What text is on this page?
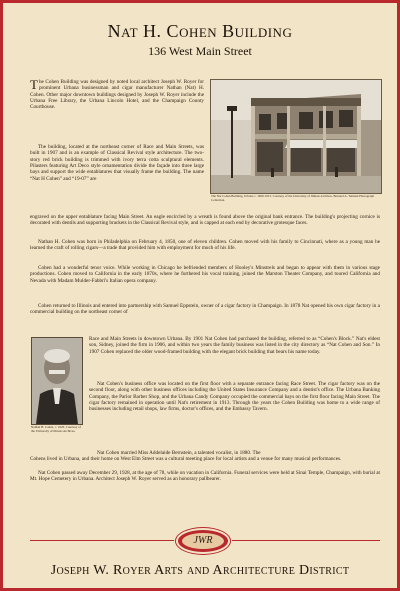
Nat H. Cohen Building
136 West Main Street
The Nat Cohen Building, Urbana c. 1909-1913. Courtesy of the University of Illinois Archives, Bernard A. Tennant Photograph Collection.
Nathan H. Cohen, c. 1920. Courtesy of the University of Illinois Archives.

The Cohen Building was designed by noted local architect Joseph W. Royer for prominent Urbana businessman and cigar manufacturer Nathan (Nat) H. Cohen. Other major downtown buildings designed by Joseph W. Royer include the Urbana Free Library, the Urbana Lincoln Hotel, and the Champaign County Courthouse.

The building, located at the northeast corner of Race and Main Streets, was built in 1907 and is an example of Classical Revival style architecture. The two-story red brick building is trimmed with ivory terra cotta sculptural elements. Pilasters featuring Art Deco style ornamentation divide the façade into three large bays and support the wide entablatures that visually frame the building. The name “Nat H Cohen” and “19-07” are

engraved on the upper entablature facing Main Street. An eagle encircled by a wreath is found above the original bank entrance. The building's projecting cornice is decorated with dentils and supporting brackets in the Classical Revival style, and is capped at each end by decorative grotesque faces.

Nathan H. Cohen was born in Philadelphia on February 4, 1850, one of eleven children. Cohen moved with his family to Cincinnati, where as a young man he learned the craft of rolling cigars—a trade that provided him with employment for much of his life.

Cohen had a wonderful tenor voice. While working in Chicago he befriended members of Hooley's Minstrels and began to appear with them in various stage productions. Cohen moved to California in the early 1870s, where he furthered his vocal training, joined the Marston Theater Company, and toured California and Nevada with Madam Mulder-Fabbri's Italian opera company.

Cohen returned to Illinois and entered into partnership with Samuel Eppstein, owner of a cigar factory in Champaign. In 1878 Nat opened his own cigar factory in a commercial building on the northeast corner of

Race and Main Streets in downtown Urbana. By 1901 Nat Cohen had purchased the building, referred to as “Cohen's Block.” Nat's eldest son, Sidney, joined the firm in 1906, and within two years the family business was listed in the city directory as “Nat Cohen and Son.” In 1907 Cohen replaced the older wood-framed building with the elegant brick building that bears his name today.

Nat Cohen's business office was located on the first floor with a separate entrance facing Race Street. The cigar factory was on the second floor, along with other business offices including the United States Insurance Company and a dentist's office. The Urbana Banking Company, the Parlor Barber Shop, and the Urbana Candy Company occupied the commercial bays on the first floor facing Main Street. The cigar factory remained in operation until Nat's retirement in 1913. Through the years the Cohen Building was home to a wide range of businesses including retail shops, law firms, doctor's offices, and the Embassy Tavern.

Nat Cohen married Miss Addelaide Bernstein, a talented vocalist, in 1880. The

Cohens lived in Urbana, and their home on West Elm Street was a cultural meeting place for local artists and a venue for many musical performances.

Nat Cohen passed away December 29, 1928, at the age of 78, while on vacation in California. Funeral services were held at Sinai Temple, Champaign, with burial at Mt. Hope Cemetery in Urbana. Architect Joseph W. Royer served as an honorary pallbearer.

JWR
Joseph W. Royer Arts and Architecture District
